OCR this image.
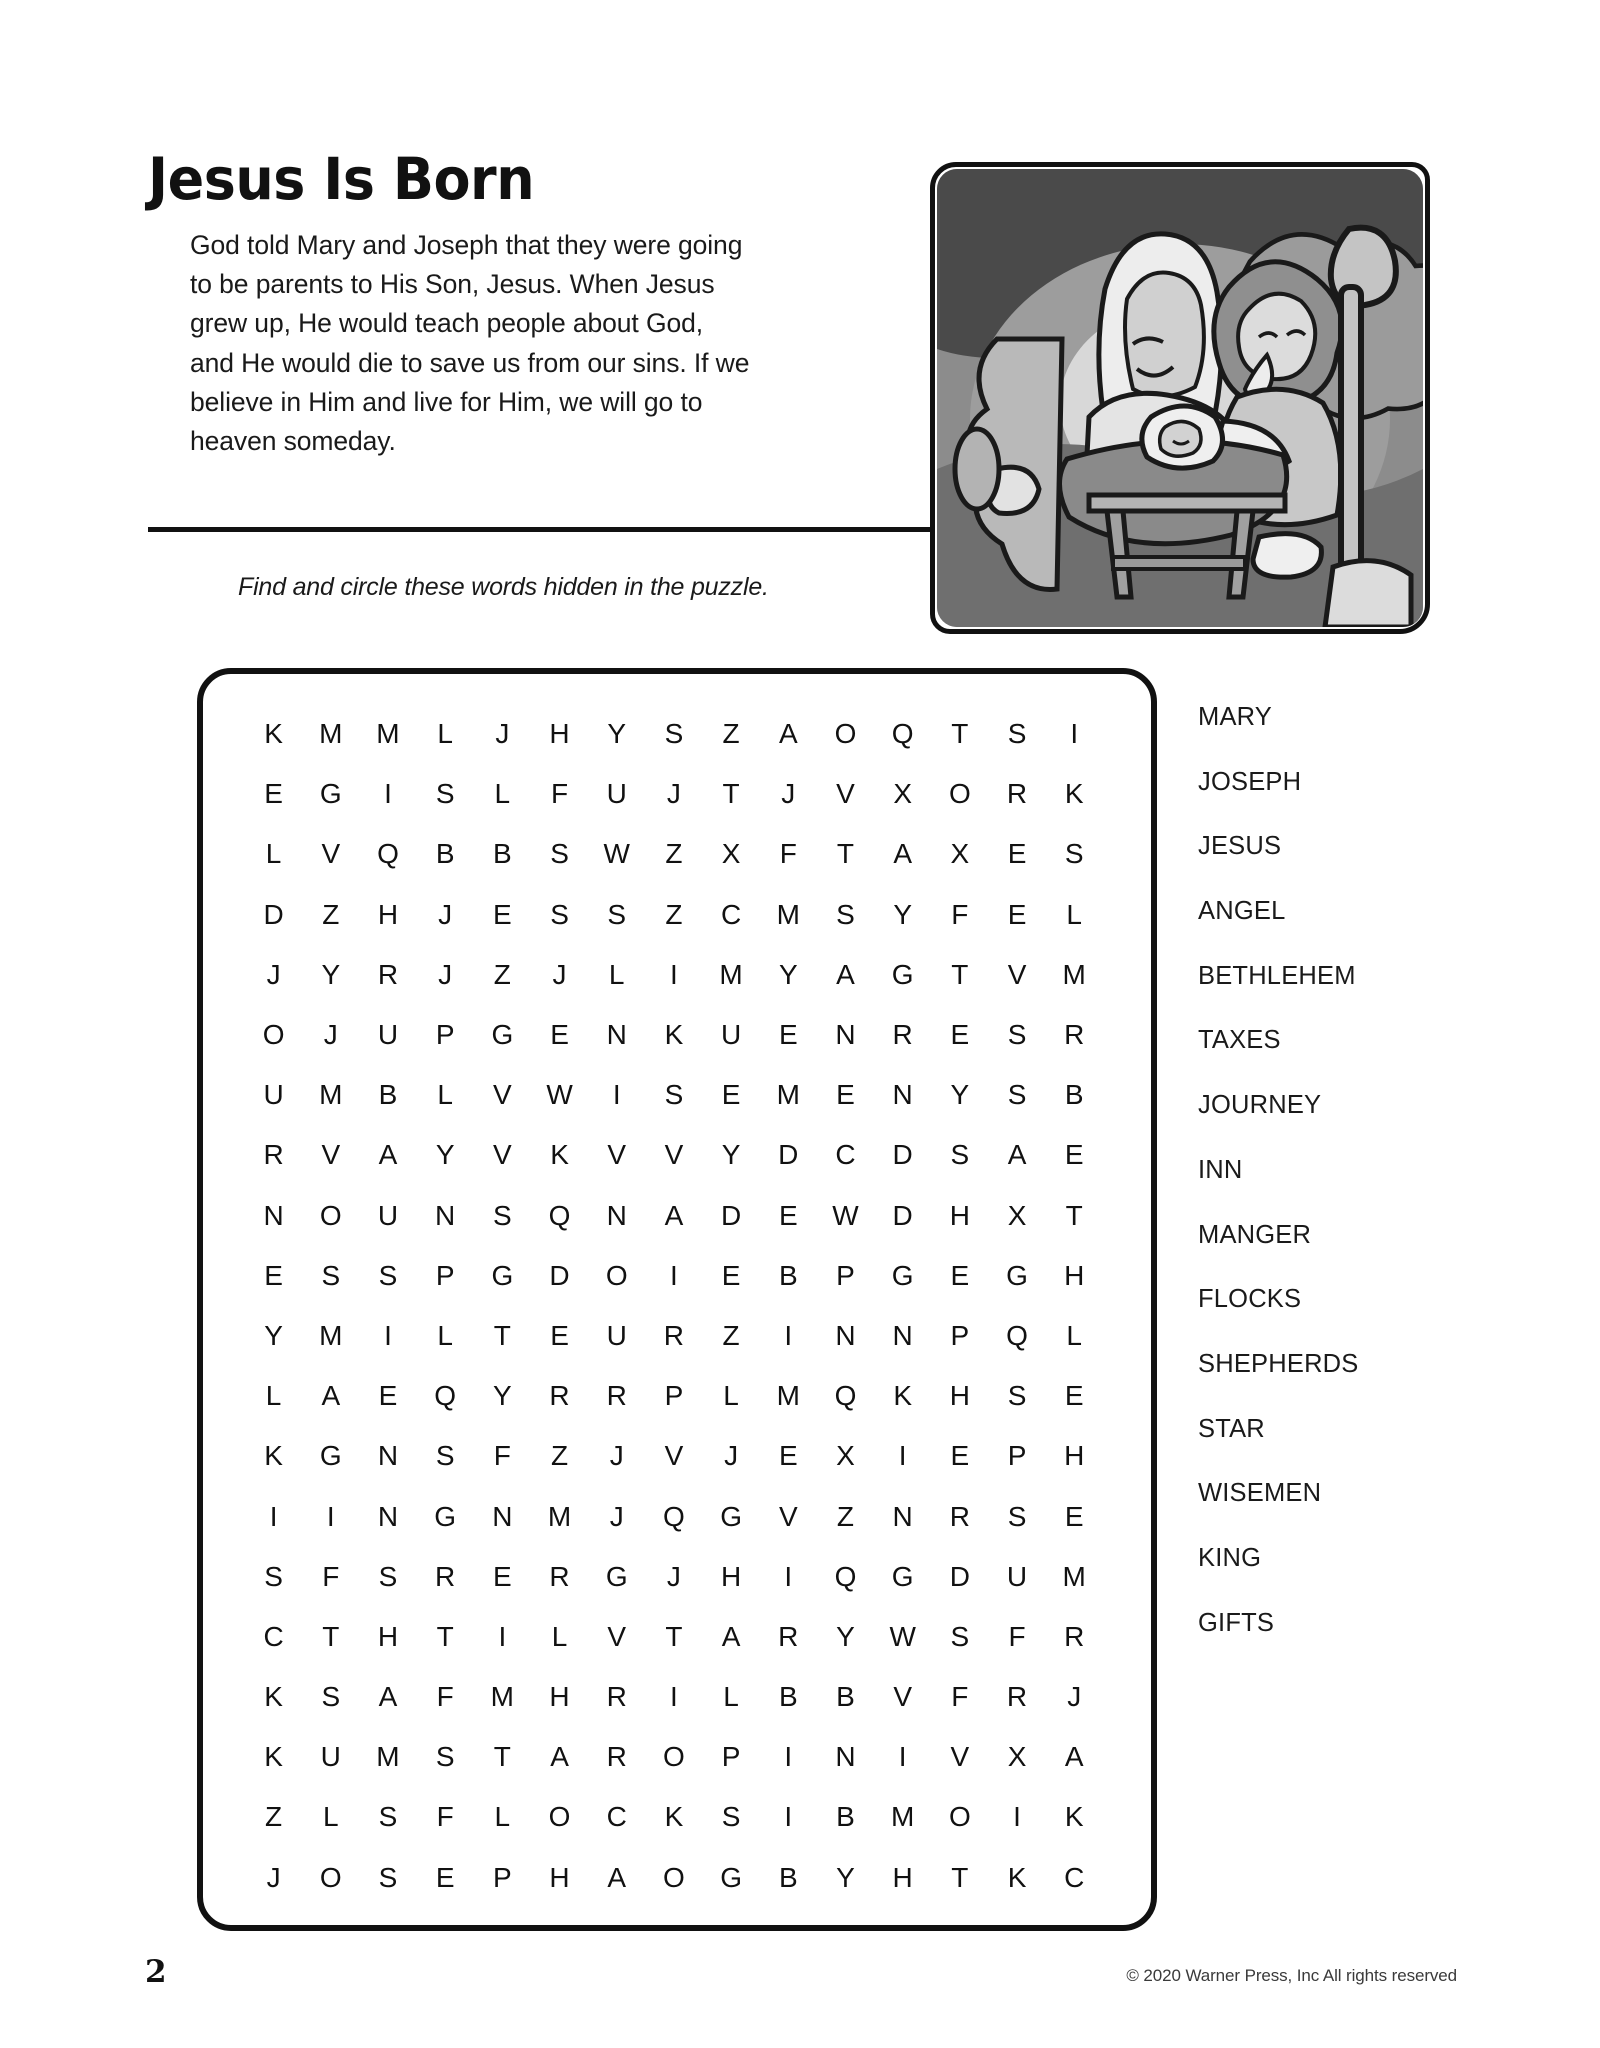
Jesus Is Born

God told Mary and Joseph that they were going to be parents to His Son, Jesus. When Jesus grew up, He would teach people about God, and He would die to save us from our sins. If we believe in Him and live for Him, we will go to heaven someday.

Find and circle these words hidden in the puzzle.
K	M	M	L	J	H	Y	S	Z	A	O	Q	T	S	I
E	G	I	S	L	F	U	J	T	J	V	X	O	R	K
L	V	Q	B	B	S	W	Z	X	F	T	A	X	E	S
D	Z	H	J	E	S	S	Z	C	M	S	Y	F	E	L
J	Y	R	J	Z	J	L	I	M	Y	A	G	T	V	M
O	J	U	P	G	E	N	K	U	E	N	R	E	S	R
U	M	B	L	V	W	I	S	E	M	E	N	Y	S	B
R	V	A	Y	V	K	V	V	Y	D	C	D	S	A	E
N	O	U	N	S	Q	N	A	D	E	W	D	H	X	T
E	S	S	P	G	D	O	I	E	B	P	G	E	G	H
Y	M	I	L	T	E	U	R	Z	I	N	N	P	Q	L
L	A	E	Q	Y	R	R	P	L	M	Q	K	H	S	E
K	G	N	S	F	Z	J	V	J	E	X	I	E	P	H
I	I	N	G	N	M	J	Q	G	V	Z	N	R	S	E
S	F	S	R	E	R	G	J	H	I	Q	G	D	U	M
C	T	H	T	I	L	V	T	A	R	Y	W	S	F	R
K	S	A	F	M	H	R	I	L	B	B	V	F	R	J
K	U	M	S	T	A	R	O	P	I	N	I	V	X	A
Z	L	S	F	L	O	C	K	S	I	B	M	O	I	K
J	O	S	E	P	H	A	O	G	B	Y	H	T	K	C
MARY
JOSEPH
JESUS
ANGEL
BETHLEHEM
TAXES
JOURNEY
INN
MANGER
FLOCKS
SHEPHERDS
STAR
WISEMEN
KING
GIFTS
2	© 2020 Warner Press, Inc All rights reserved
